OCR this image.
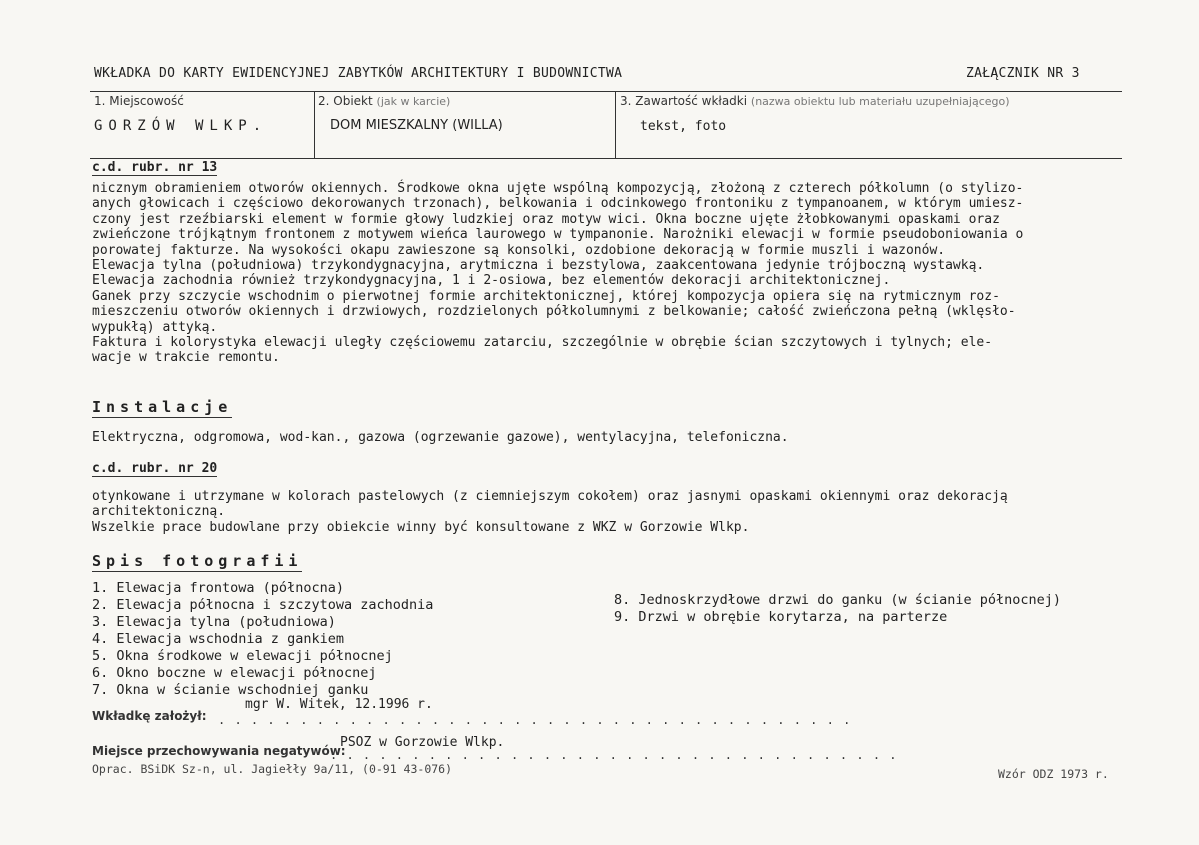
WKŁADKA DO KARTY EWIDENCYJNEJ ZABYTKÓW ARCHITEKTURY I BUDOWNICTWA	ZAŁĄCZNIK NR 3
1. Miejscowość
GORZÓW WLKP.
2. Obiekt (jak w karcie)
DOM MIESZKALNY (WILLA)
3. Zawartość wkładki (nazwa obiektu lub materiału uzupełniającego)
tekst, foto
c.d. rubr. nr 13
nicznym obramieniem otworów okiennych. Środkowe okna ujęte wspólną kompozycją, złożoną z czterech półkolumn (o stylizo-
anych głowicach i częściowo dekorowanych trzonach), belkowania i odcinkowego frontoniku z tympanoanem, w którym umiesz-
czony jest rzeźbiarski element w formie głowy ludzkiej oraz motyw wici. Okna boczne ujęte żłobkowanymi opaskami oraz
zwieńczone trójkątnym frontonem z motywem wieńca laurowego w tympanonie. Narożniki elewacji w formie pseudoboniowania o
porowatej fakturze. Na wysokości okapu zawieszone są konsolki, ozdobione dekoracją w formie muszli i wazonów.
Elewacja tylna (południowa) trzykondygnacyjna, arytmiczna i bezstylowa, zaakcentowana jedynie trójboczną wystawką.
Elewacja zachodnia również trzykondygnacyjna, 1 i 2-osiowa, bez elementów dekoracji architektonicznej.
Ganek przy szczycie wschodnim o pierwotnej formie architektonicznej, której kompozycja opiera się na rytmicznym roz-
mieszczeniu otworów okiennych i drzwiowych, rozdzielonych półkolumnymi z belkowanie; całość zwieńczona pełną (wklęsło-
wypukłą) attyką.
Faktura i kolorystyka elewacji uległy częściowemu zatarciu, szczególnie w obrębie ścian szczytowych i tylnych; ele-
wacje w trakcie remontu.
Instalacje
Elektryczna, odgromowa, wod-kan., gazowa (ogrzewanie gazowe), wentylacyjna, telefoniczna.
c.d. rubr. nr 20
otynkowane i utrzymane w kolorach pastelowych (z ciemniejszym cokołem) oraz jasnymi opaskami okiennymi oraz dekoracją
architektoniczną.
Wszelkie prace budowlane przy obiekcie winny być konsultowane z WKZ w Gorzowie Wlkp.
Spis fotografii
1. Elewacja frontowa (północna)
2. Elewacja północna i szczytowa zachodnia
3. Elewacja tylna (południowa)
4. Elewacja wschodnia z gankiem
5. Okna środkowe w elewacji północnej
6. Okno boczne w elewacji północnej
7. Okna w ścianie wschodniej ganku
8. Jednoskrzydłowe drzwi do ganku (w ścianie północnej)
9. Drzwi w obrębie korytarza, na parterze
Wkładkę założył: . . . . . . . . . . . . . . . . . . . . . . . . . . . . . . . . . . . . . . .
mgr W. Witek, 12.1996 r.
Miejsce przechowywania negatywów:
. . . . . . . . . . . . . . . . . . . . . . . . . . . . . . . . . . .
PSOZ w Gorzowie Wlkp.
Oprac. BSiDK Sz-n, ul. Jagiełły 9a/11, (0-91 43-076)	Wzór ODZ 1973 r.
